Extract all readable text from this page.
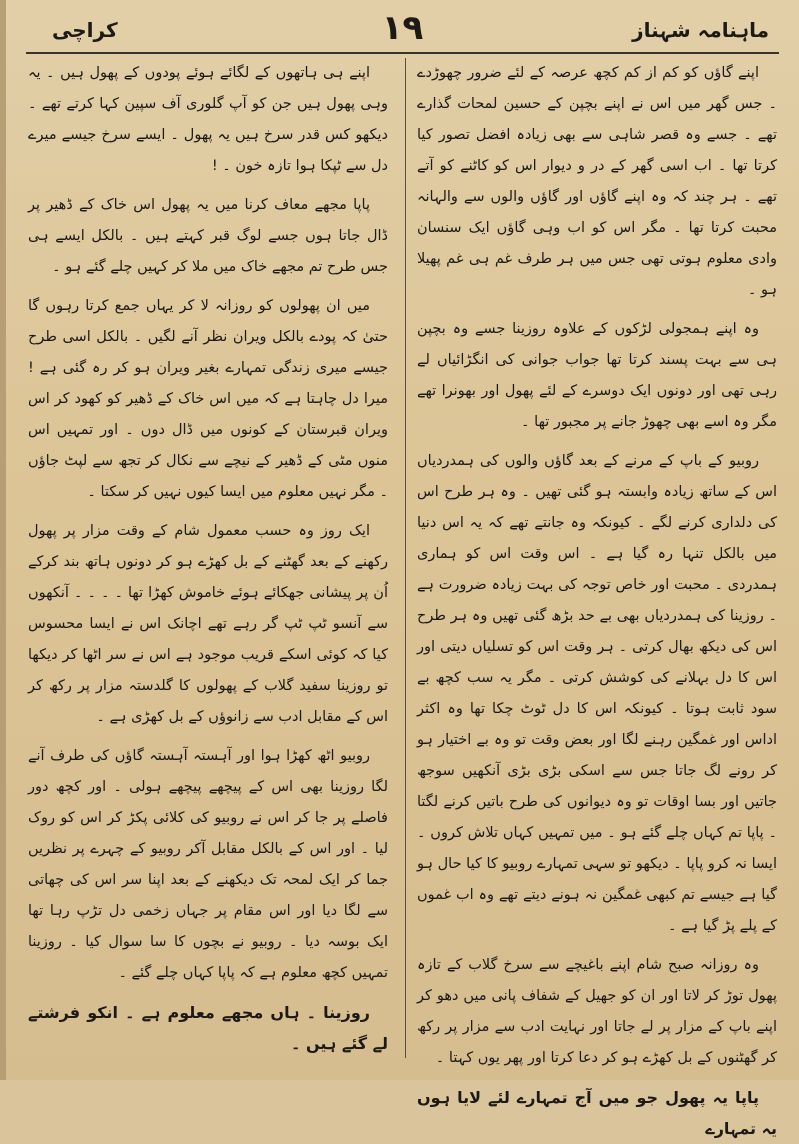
ماہنامہ شہناز
١٩
کراچی

اپنے گاؤں کو کم از کم کچھ عرصہ کے لئے ضرور چھوڑدے ۔ جس گھر میں اس نے اپنے بچپن کے حسین لمحات گذارے تھے ۔ جسے وہ قصر شاہی سے بھی زیادہ افضل تصور کیا کرتا تھا ۔ اب اسی گھر کے در و دیوار اس کو کاٹنے کو آتے تھے ۔ ہر چند کہ وہ اپنے گاؤں اور گاؤں والوں سے والہانہ محبت کرتا تھا ۔ مگر اس کو اب وہی گاؤں ایک سنسان وادی معلوم ہوتی تھی جس میں ہر طرف غم ہی غم پھیلا ہو ۔

وہ اپنے ہمجولی لڑکوں کے علاوہ روزینا جسے وہ بچپن ہی سے بہت پسند کرتا تھا جواب جوانی کی انگڑائیاں لے رہی تھی اور دونوں ایک دوسرے کے لئے پھول اور بھونرا تھے مگر وہ اسے بھی چھوڑ جانے پر مجبور تھا ۔

روبیو کے باپ کے مرنے کے بعد گاؤں والوں کی ہمدردیاں اس کے ساتھ زیادہ وابستہ ہو گئی تھیں ۔ وہ ہر طرح اس کی دلداری کرنے لگے ۔ کیونکہ وہ جانتے تھے کہ یہ اس دنیا میں بالکل تنہا رہ گیا ہے ۔ اس وقت اس کو ہماری ہمدردی ۔ محبت اور خاص توجہ کی بہت زیادہ ضرورت ہے ۔ روزینا کی ہمدردیاں بھی بے حد بڑھ گئی تھیں وہ ہر طرح اس کی دیکھ بھال کرتی ۔ ہر وقت اس کو تسلیاں دیتی اور اس کا دل بہلانے کی کوشش کرتی ۔ مگر یہ سب کچھ بے سود ثابت ہوتا ۔ کیونکہ اس کا دل ٹوٹ چکا تھا وہ اکثر اداس اور غمگین رہنے لگا اور بعض وقت تو وہ بے اختیار ہو کر رونے لگ جاتا جس سے اسکی بڑی بڑی آنکھیں سوجھ جاتیں اور بسا اوقات تو وہ دیوانوں کی طرح باتیں کرنے لگتا ۔ پاپا تم کہاں چلے گئے ہو ۔ میں تمہیں کہاں تلاش کروں ۔ ایسا نہ کرو پاپا ۔ دیکھو تو سہی تمہارے روبیو کا کیا حال ہو گیا ہے جیسے تم کبھی غمگین نہ ہونے دیتے تھے وہ اب غموں کے پلے پڑ گیا ہے ۔

وہ روزانہ صبح شام اپنے باغیچے سے سرخ گلاب کے تازہ پھول توڑ کر لاتا اور ان کو جھیل کے شفاف پانی میں دھو کر اپنے باپ کے مزار پر لے جاتا اور نہایت ادب سے مزار پر رکھ کر گھٹنوں کے بل کھڑے ہو کر دعا کرتا اور پھر یوں کہتا ۔

پاپا یہ پھول جو میں آج تمہارے لئے لایا ہوں یہ تمہارے

اپنے ہی ہاتھوں کے لگائے ہوئے پودوں کے پھول ہیں ۔ یہ وہی پھول ہیں جن کو آپ گلوری آف سپین کہا کرتے تھے ۔ دیکھو کس قدر سرخ ہیں یہ پھول ۔ ایسے سرخ جیسے میرے دل سے ٹپکا ہوا تازہ خون ۔ !

پاپا مجھے معاف کرنا میں یہ پھول اس خاک کے ڈھیر پر ڈال جاتا ہوں جسے لوگ قبر کہتے ہیں ۔ بالکل ایسے ہی جس طرح تم مجھے خاک میں ملا کر کہیں چلے گئے ہو ۔

میں ان پھولوں کو روزانہ لا کر یہاں جمع کرتا رہوں گا حتیٰ کہ پودے بالکل ویران نظر آنے لگیں ۔ بالکل اسی طرح جیسے میری زندگی تمہارے بغیر ویران ہو کر رہ گئی ہے ! میرا دل چاہتا ہے کہ میں اس خاک کے ڈھیر کو کھود کر اس ویران قبرستان کے کونوں میں ڈال دوں ۔ اور تمہیں اس منوں مٹی کے ڈھیر کے نیچے سے نکال کر تجھ سے لپٹ جاؤں ۔ مگر نہیں معلوم میں ایسا کیوں نہیں کر سکتا ۔

ایک روز وہ حسب معمول شام کے وقت مزار پر پھول رکھنے کے بعد گھٹنے کے بل کھڑے ہو کر دونوں ہاتھ بند کرکے اُن پر پیشانی جھکائے ہوئے خاموش کھڑا تھا ۔ ۔ ۔ ۔ آنکھوں سے آنسو ٹپ ٹپ گر رہے تھے اچانک اس نے ایسا محسوس کیا کہ کوئی اسکے قریب موجود ہے اس نے سر اٹھا کر دیکھا تو روزینا سفید گلاب کے پھولوں کا گلدستہ مزار پر رکھ کر اس کے مقابل ادب سے زانوؤں کے بل کھڑی ہے ۔

روبیو اٹھ کھڑا ہوا اور آہستہ آہستہ گاؤں کی طرف آنے لگا روزینا بھی اس کے پیچھے پیچھے ہولی ۔ اور کچھ دور فاصلے پر جا کر اس نے روبیو کی کلائی پکڑ کر اس کو روک لیا ۔ اور اس کے بالکل مقابل آکر روبیو کے چہرے پر نظریں جما کر ایک لمحہ تک دیکھنے کے بعد اپنا سر اس کی چھاتی سے لگا دیا اور اس مقام پر جہاں زخمی دل تڑپ رہا تھا ایک بوسہ دیا ۔ روبیو نے بچوں کا سا سوال کیا ۔ روزینا تمہیں کچھ معلوم ہے کہ پاپا کہاں چلے گئے ۔

روزینا ۔ ہاں مجھے معلوم ہے ۔ انکو فرشتے لے گئے ہیں ۔
